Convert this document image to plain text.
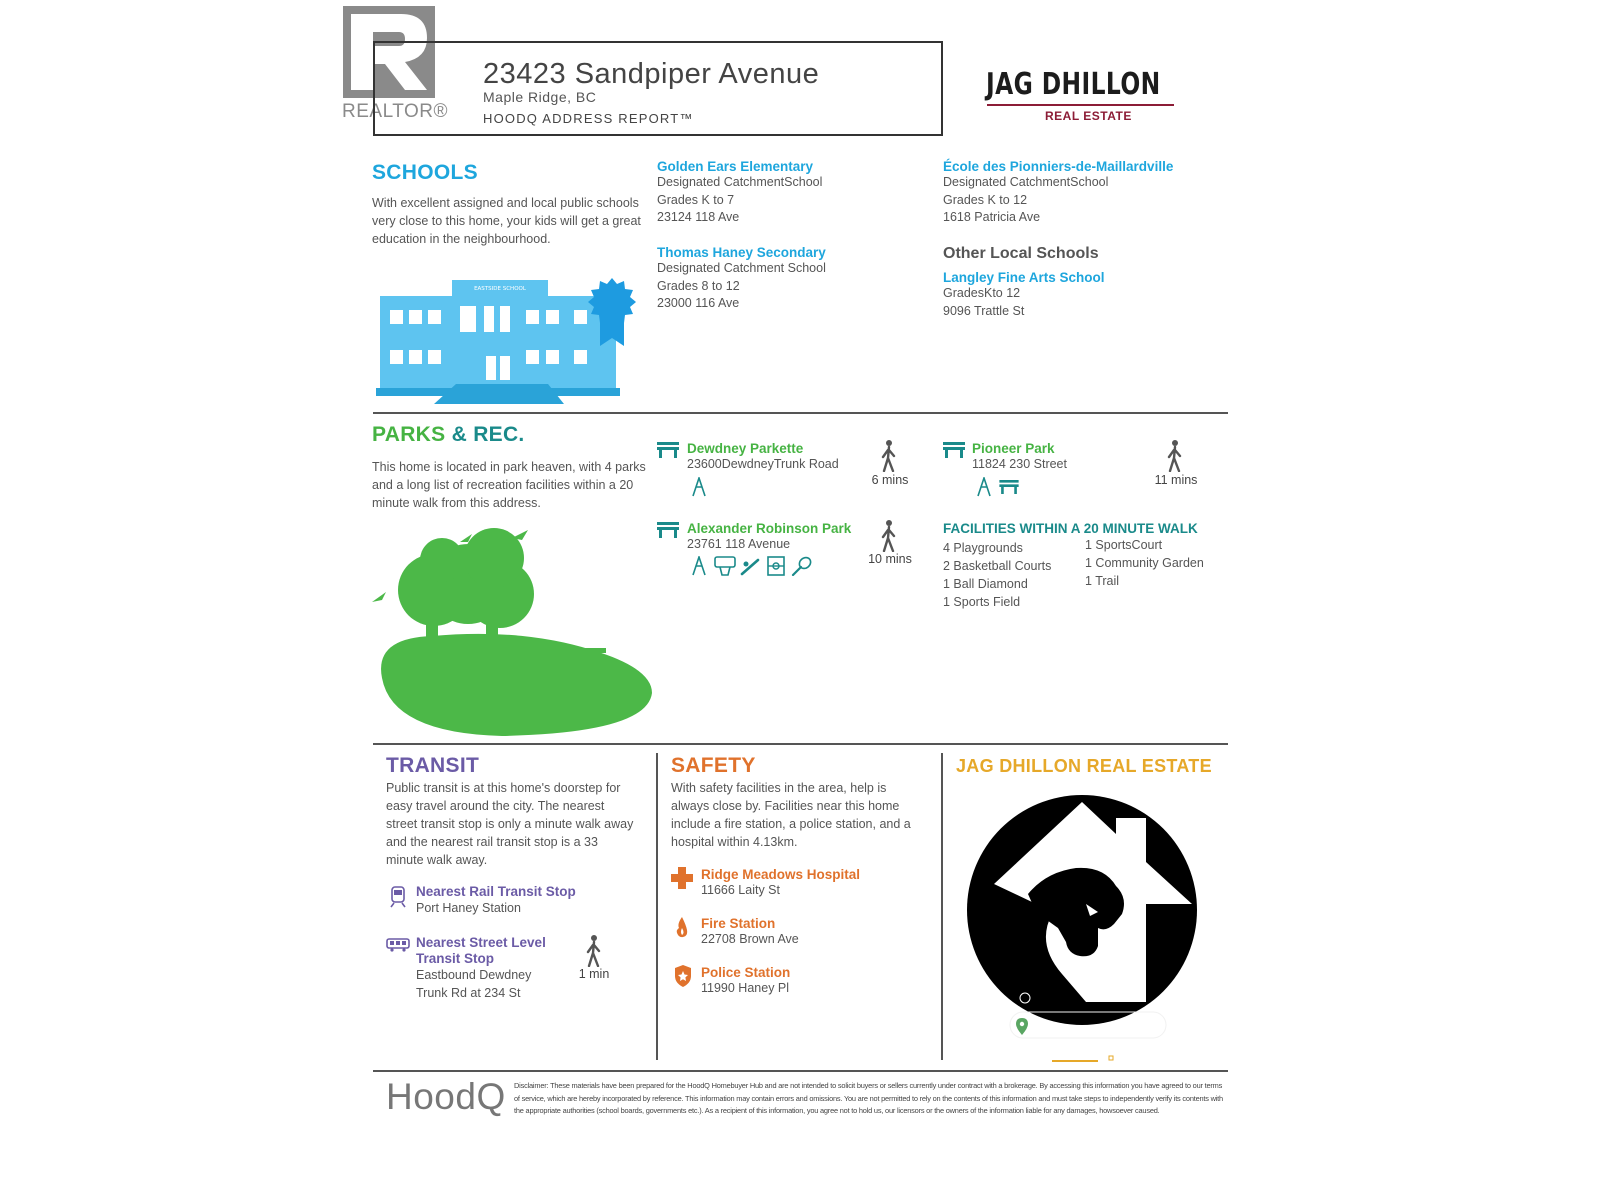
REALTOR®
23423 Sandpiper Avenue
Maple Ridge, BC
HOODQ ADDRESS REPORT™
JAG DHILLON
REAL ESTATE
SCHOOLS
With excellent assigned and local public schools
very close to this home, your kids will get a great
education in the neighbourhood.
EASTSIDE SCHOOL
Golden Ears Elementary
Designated CatchmentSchool
Grades K to 7
23124 118 Ave
Thomas Haney Secondary
Designated Catchment School
Grades 8 to 12
23000 116 Ave
École des Pionniers-de-Maillardville
Designated CatchmentSchool
Grades K to 12
1618 Patricia Ave
Other Local Schools
Langley Fine Arts School
GradesKto 12
9096 Trattle St
PARKS & REC.
This home is located in park heaven, with 4 parks
and a long list of recreation facilities within a 20
minute walk from this address.
Dewdney Parkette
23600DewdneyTrunk Road
6 mins
Pioneer Park
11824 230 Street
11 mins
Alexander Robinson Park
23761 118 Avenue
10 mins
FACILITIES WITHIN A 20 MINUTE WALK
4 Playgrounds
2 Basketball Courts
1 Ball Diamond
1 Sports Field
1 SportsCourt
1 Community Garden
1 Trail
TRANSIT
Public transit is at this home's doorstep for
easy travel around the city. The nearest
street transit stop is only a minute walk away
and the nearest rail transit stop is a 33
minute walk away.
Nearest Rail Transit Stop
Port Haney Station
Nearest Street Level
Transit Stop
Eastbound Dewdney
Trunk Rd at 234 St
1 min
SAFETY
With safety facilities in the area, help is
always close by. Facilities near this home
include a fire station, a police station, and a
hospital within 4.13km.
Ridge Meadows Hospital
11666 Laity St
Fire Station
22708 Brown Ave
Police Station
11990 Haney Pl
JAG DHILLON REAL ESTATE
HoodQ Disclaimer: These materials have been prepared for the HoodQ Homebuyer Hub and are not intended to solicit buyers or sellers currently under contract with a brokerage. By accessing this information you have agreed to our terms of service, which are hereby incorporated by reference. This information may contain errors and omissions. You are not permitted to rely on the contents of this information and must take steps to independently verify its contents with the appropriate authorities (school boards, governments etc.). As a recipient of this information, you agree not to hold us, our licensors or the owners of the information liable for any damages, howsoever caused.
